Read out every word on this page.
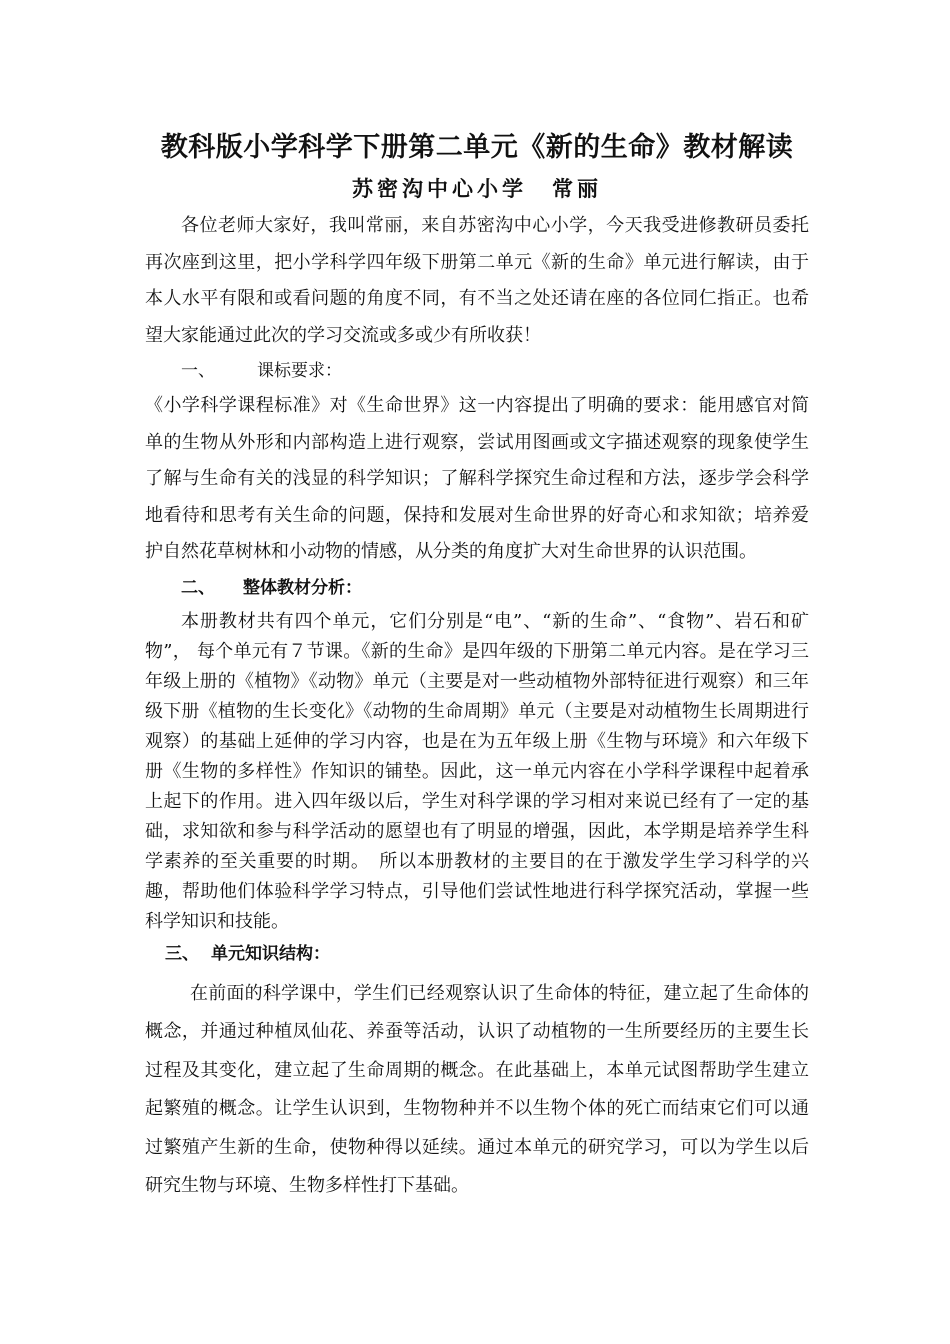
教科版小学科学下册第二单元《新的生命》教材解读
苏密沟中心小学　常丽

各位老师大家好，我叫常丽，来自苏密沟中心小学，今天我受进修教研员委托再次座到这里，把小学科学四年级下册第二单元《新的生命》单元进行解读，由于本人水平有限和或看问题的角度不同，有不当之处还请在座的各位同仁指正。也希望大家能通过此次的学习交流或多或少有所收获！

一、 课标要求：

《小学科学课程标准》对《生命世界》这一内容提出了明确的要求：能用感官对简单的生物从外形和内部构造上进行观察，尝试用图画或文字描述观察的现象使学生了解与生命有关的浅显的科学知识；了解科学探究生命过程和方法，逐步学会科学地看待和思考有关生命的问题，保持和发展对生命世界的好奇心和求知欲；培养爱护自然花草树林和小动物的情感，从分类的角度扩大对生命世界的认识范围。

二、 整体教材分析：

本册教材共有四个单元，它们分别是“电”、“新的生命”、“食物”、岩石和矿物”， 每个单元有７节课。《新的生命》是四年级的下册第二单元内容。是在学习三年级上册的《植物》《动物》单元（主要是对一些动植物外部特征进行观察）和三年级下册《植物的生长变化》《动物的生命周期》单元（主要是对动植物生长周期进行观察）的基础上延伸的学习内容，也是在为五年级上册《生物与环境》和六年级下册《生物的多样性》作知识的铺垫。因此，这一单元内容在小学科学课程中起着承上起下的作用。进入四年级以后，学生对科学课的学习相对来说已经有了一定的基础，求知欲和参与科学活动的愿望也有了明显的增强，因此，本学期是培养学生科学素养的至关重要的时期。　所以本册教材的主要目的在于激发学生学习科学的兴趣，帮助他们体验科学学习特点，引导他们尝试性地进行科学探究活动，掌握一些科学知识和技能。

三、 单元知识结构：

在前面的科学课中，学生们已经观察认识了生命体的特征，建立起了生命体的概念，并通过种植凤仙花、养蚕等活动，认识了动植物的一生所要经历的主要生长过程及其变化，建立起了生命周期的概念。在此基础上，本单元试图帮助学生建立起繁殖的概念。让学生认识到，生物物种并不以生物个体的死亡而结束它们可以通过繁殖产生新的生命，使物种得以延续。通过本单元的研究学习，可以为学生以后研究生物与环境、生物多样性打下基础。
